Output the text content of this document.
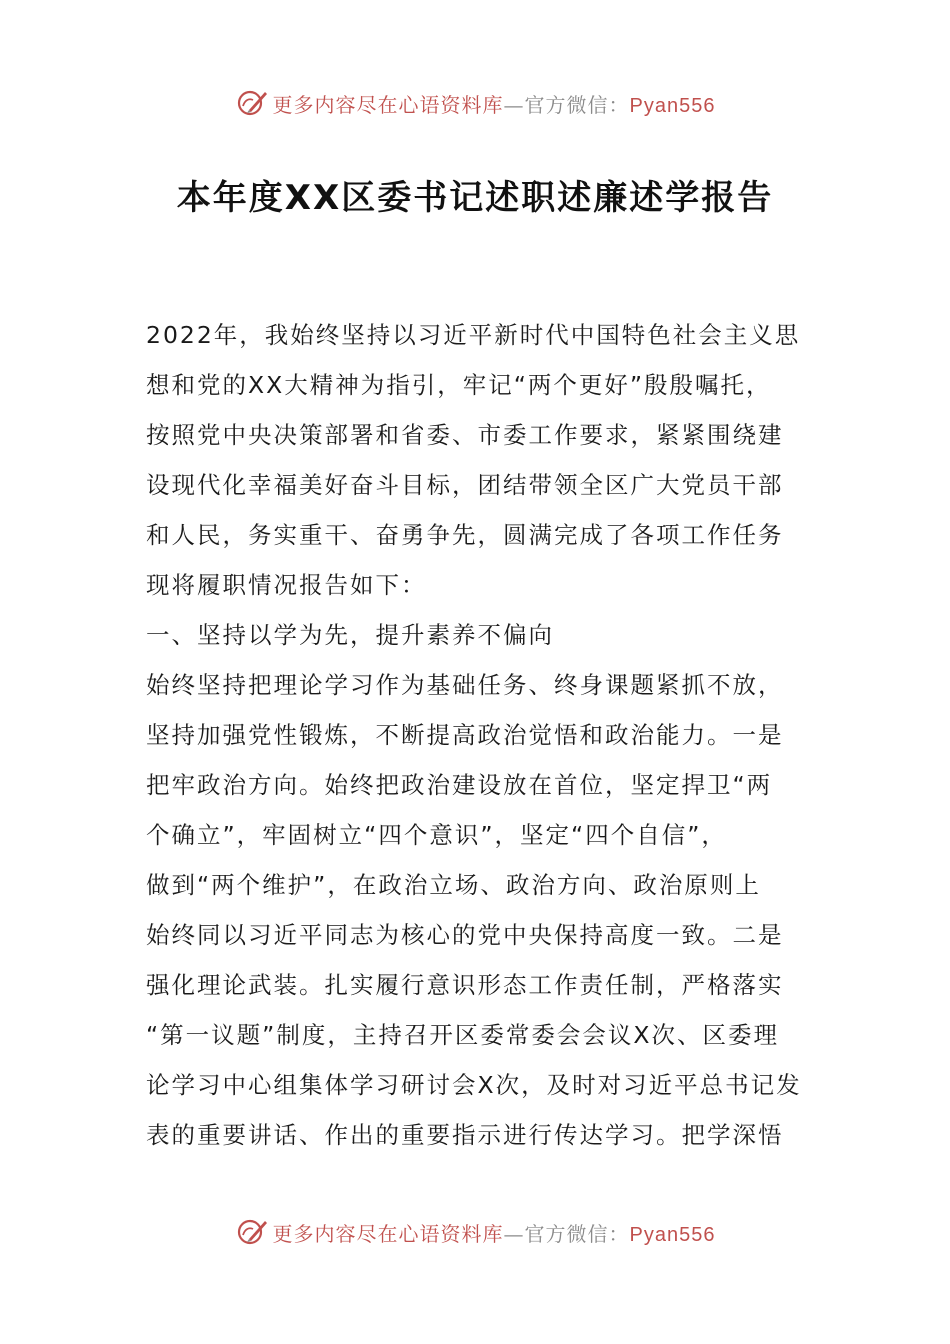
更多内容尽在心语资料库—官方微信：Pyan556
本年度XX区委书记述职述廉述学报告
2022年，我始终坚持以习近平新时代中国特色社会主义思
想和党的XX大精神为指引，牢记“两个更好”殷殷嘱托，
按照党中央决策部署和省委、市委工作要求，紧紧围绕建
设现代化幸福美好奋斗目标，团结带领全区广大党员干部
和人民，务实重干、奋勇争先，圆满完成了各项工作任务
现将履职情况报告如下：
一、坚持以学为先，提升素养不偏向
始终坚持把理论学习作为基础任务、终身课题紧抓不放，
坚持加强党性锻炼，不断提高政治觉悟和政治能力。一是
把牢政治方向。始终把政治建设放在首位，坚定捍卫“两
个确立”，牢固树立“四个意识”，坚定“四个自信”，
做到“两个维护”，在政治立场、政治方向、政治原则上
始终同以习近平同志为核心的党中央保持高度一致。二是
强化理论武装。扎实履行意识形态工作责任制，严格落实
“第一议题”制度，主持召开区委常委会会议X次、区委理
论学习中心组集体学习研讨会X次，及时对习近平总书记发
表的重要讲话、作出的重要指示进行传达学习。把学深悟
更多内容尽在心语资料库—官方微信：Pyan556
